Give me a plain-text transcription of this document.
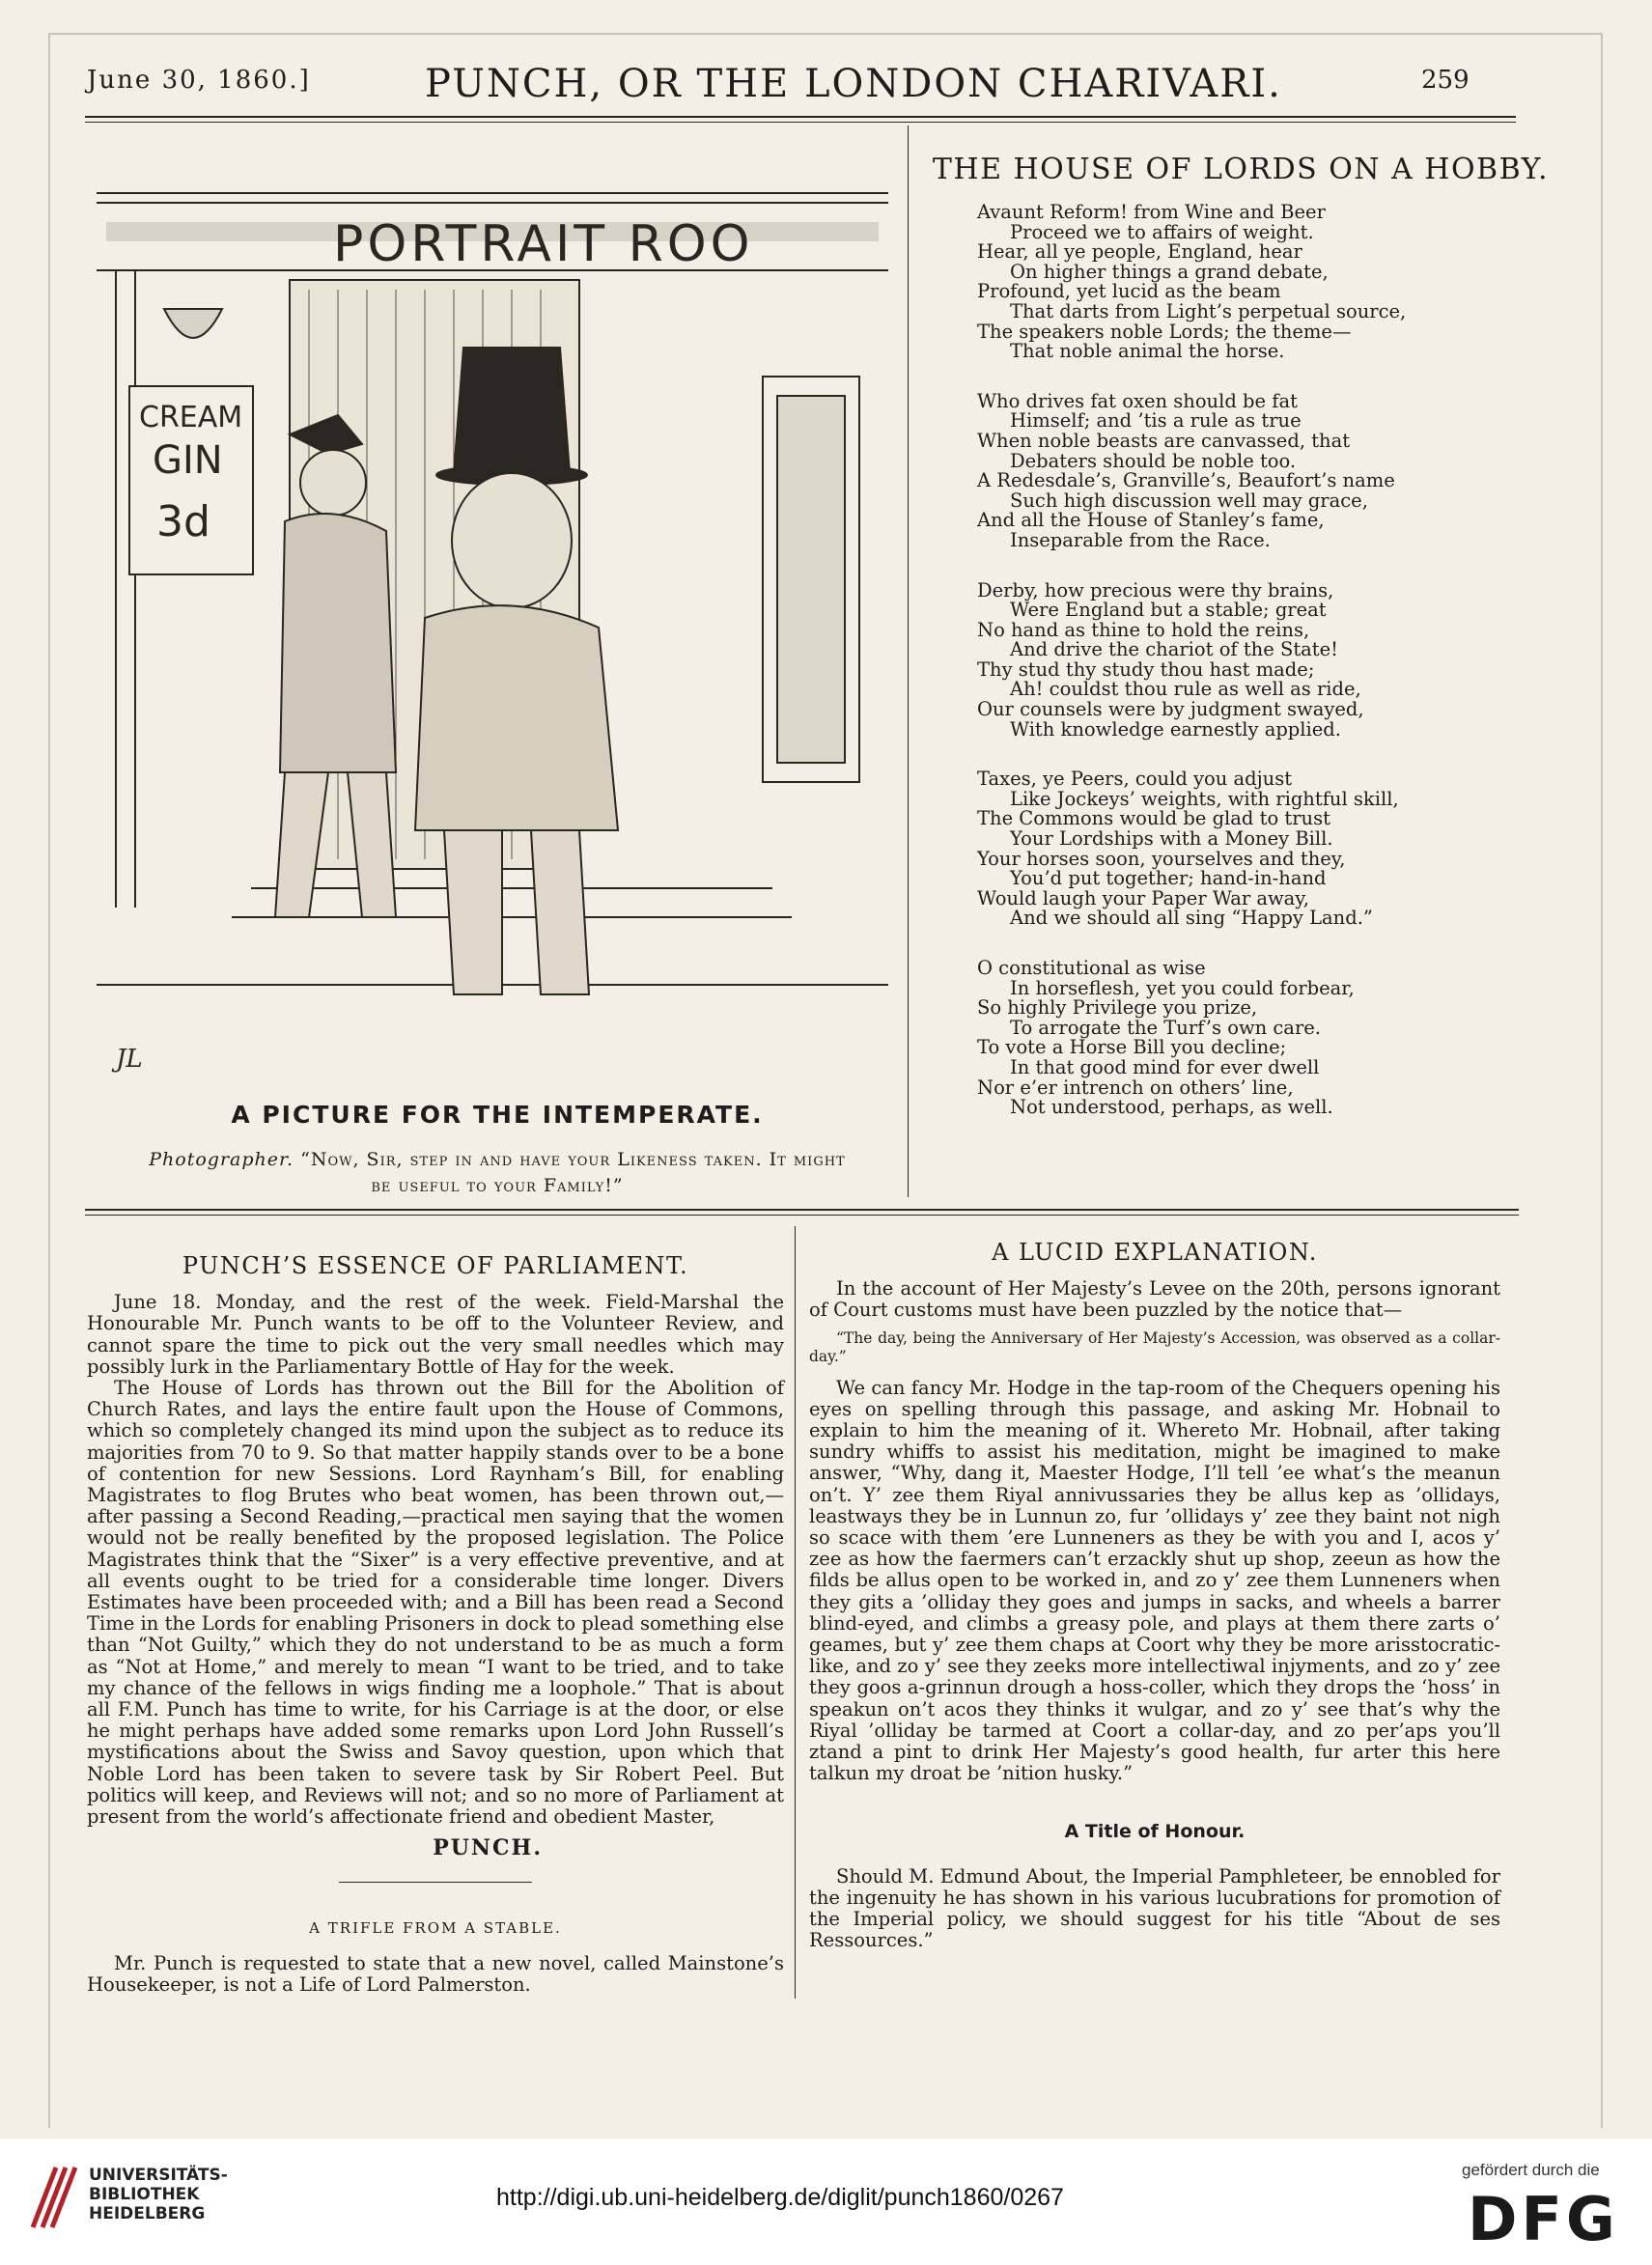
June 30, 1860.]	PUNCH, OR THE LONDON CHARIVARI.	259
PORTRAIT ROO
CREAM
GIN
3d
JL
A PICTURE FOR THE INTEMPERATE.
Photographer. “Now, Sir, step in and have your Likeness taken. It might
be useful to your Family!”
THE HOUSE OF LORDS ON A HOBBY.
Avaunt Reform! from Wine and Beer
Proceed we to affairs of weight.
Hear, all ye people, England, hear
On higher things a grand debate,
Profound, yet lucid as the beam
That darts from Light’s perpetual source,
The speakers noble Lords; the theme—
That noble animal the horse.
Who drives fat oxen should be fat
Himself; and ’tis a rule as true
When noble beasts are canvassed, that
Debaters should be noble too.
A Redesdale’s, Granville’s, Beaufort’s name
Such high discussion well may grace,
And all the House of Stanley’s fame,
Inseparable from the Race.
Derby, how precious were thy brains,
Were England but a stable; great
No hand as thine to hold the reins,
And drive the chariot of the State!
Thy stud thy study thou hast made;
Ah! couldst thou rule as well as ride,
Our counsels were by judgment swayed,
With knowledge earnestly applied.
Taxes, ye Peers, could you adjust
Like Jockeys’ weights, with rightful skill,
The Commons would be glad to trust
Your Lordships with a Money Bill.
Your horses soon, yourselves and they,
You’d put together; hand-in-hand
Would laugh your Paper War away,
And we should all sing “Happy Land.”
O constitutional as wise
In horseflesh, yet you could forbear,
So highly Privilege you prize,
To arrogate the Turf’s own care.
To vote a Horse Bill you decline;
In that good mind for ever dwell
Nor e’er intrench on others’ line,
Not understood, perhaps, as well.
PUNCH’S ESSENCE OF PARLIAMENT.

June 18. Monday, and the rest of the week. Field-Marshal the Honourable Mr. Punch wants to be off to the Volunteer Review, and cannot spare the time to pick out the very small needles which may possibly lurk in the Parliamentary Bottle of Hay for the week.

The House of Lords has thrown out the Bill for the Abolition of Church Rates, and lays the entire fault upon the House of Commons, which so completely changed its mind upon the subject as to reduce its majorities from 70 to 9. So that matter happily stands over to be a bone of contention for new Sessions. Lord Raynham’s Bill, for enabling Magistrates to flog Brutes who beat women, has been thrown out,—after passing a Second Reading,—practical men saying that the women would not be really benefited by the proposed legislation. The Police Magistrates think that the “Sixer” is a very effective preventive, and at all events ought to be tried for a considerable time longer. Divers Estimates have been proceeded with; and a Bill has been read a Second Time in the Lords for enabling Prisoners in dock to plead something else than “Not Guilty,” which they do not understand to be as much a form as “Not at Home,” and merely to mean “I want to be tried, and to take my chance of the fellows in wigs finding me a loophole.” That is about all F.M. Punch has time to write, for his Carriage is at the door, or else he might perhaps have added some remarks upon Lord John Russell’s mystifications about the Swiss and Savoy question, upon which that Noble Lord has been taken to severe task by Sir Robert Peel. But politics will keep, and Reviews will not; and so no more of Parliament at present from the world’s affectionate friend and obedient Master,

PUNCH.
A TRIFLE FROM A STABLE.

Mr. Punch is requested to state that a new novel, called Mainstone’s Housekeeper, is not a Life of Lord Palmerston.

A LUCID EXPLANATION.

In the account of Her Majesty’s Levee on the 20th, persons ignorant of Court customs must have been puzzled by the notice that—

“The day, being the Anniversary of Her Majesty’s Accession, was observed as a collar-day.”

We can fancy Mr. Hodge in the tap-room of the Chequers opening his eyes on spelling through this passage, and asking Mr. Hobnail to explain to him the meaning of it. Whereto Mr. Hobnail, after taking sundry whiffs to assist his meditation, might be imagined to make answer, “Why, dang it, Maester Hodge, I’ll tell ’ee what’s the meanun on’t. Y’ zee them Riyal annivussaries they be allus kep as ’ollidays, leastways they be in Lunnun zo, fur ’ollidays y’ zee they baint not nigh so scace with them ’ere Lunneners as they be with you and I, acos y’ zee as how the faermers can’t erzackly shut up shop, zeeun as how the filds be allus open to be worked in, and zo y’ zee them Lunneners when they gits a ’olliday they goes and jumps in sacks, and wheels a barrer blind-eyed, and climbs a greasy pole, and plays at them there zarts o’ geames, but y’ zee them chaps at Coort why they be more arisstocratic-like, and zo y’ see they zeeks more intellectiwal injyments, and zo y’ zee they goos a-grinnun drough a hoss-coller, which they drops the ‘hoss’ in speakun on’t acos they thinks it wulgar, and zo y’ see that’s why the Riyal ’olliday be tarmed at Coort a collar-day, and zo per’aps you’ll ztand a pint to drink Her Majesty’s good health, fur arter this here talkun my droat be ’nition husky.”

A Title of Honour.

Should M. Edmund About, the Imperial Pamphleteer, be ennobled for the ingenuity he has shown in his various lucubrations for promotion of the Imperial policy, we should suggest for his title “About de ses Ressources.”

UNIVERSITÄTS-
BIBLIOTHEK
HEIDELBERG
http://digi.ub.uni-heidelberg.de/diglit/punch1860/0267
gefördert durch die
DFG
